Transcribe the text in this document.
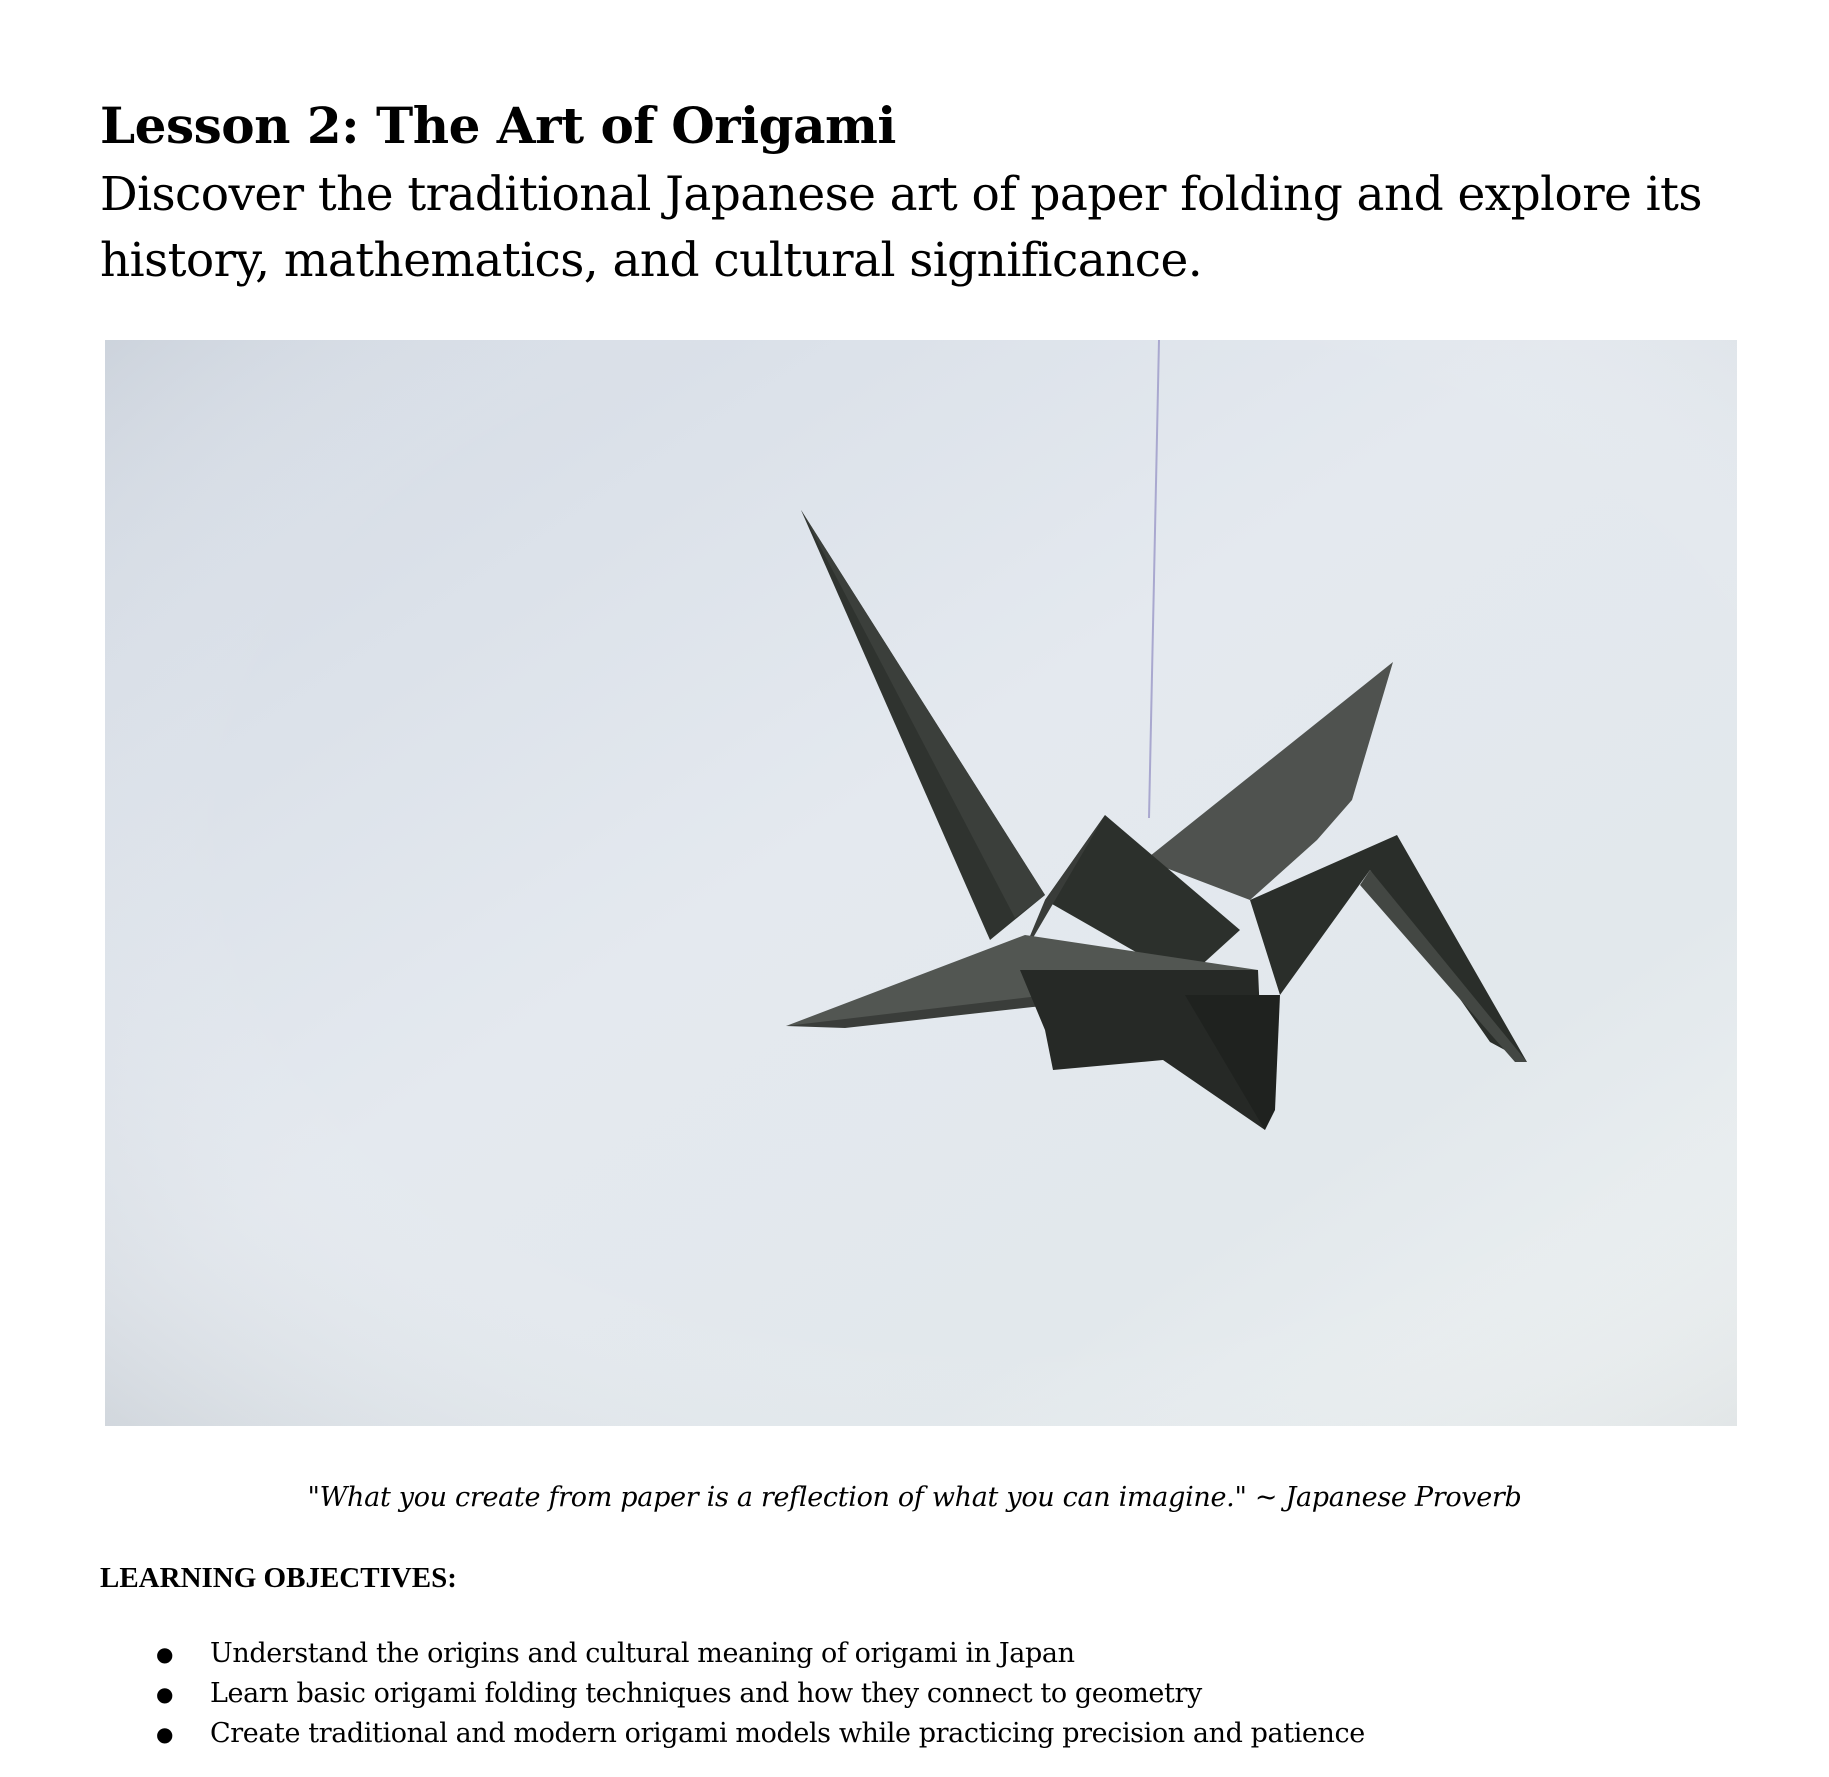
Lesson 2: The Art of Origami

Discover the traditional Japanese art of paper folding and explore its history, mathematics, and cultural significance.

"What you create from paper is a reflection of what you can imagine." ~ Japanese Proverb

LEARNING OBJECTIVES:
● Understand the origins and cultural meaning of origami in Japan
● Learn basic origami folding techniques and how they connect to geometry
● Create traditional and modern origami models while practicing precision and patience
